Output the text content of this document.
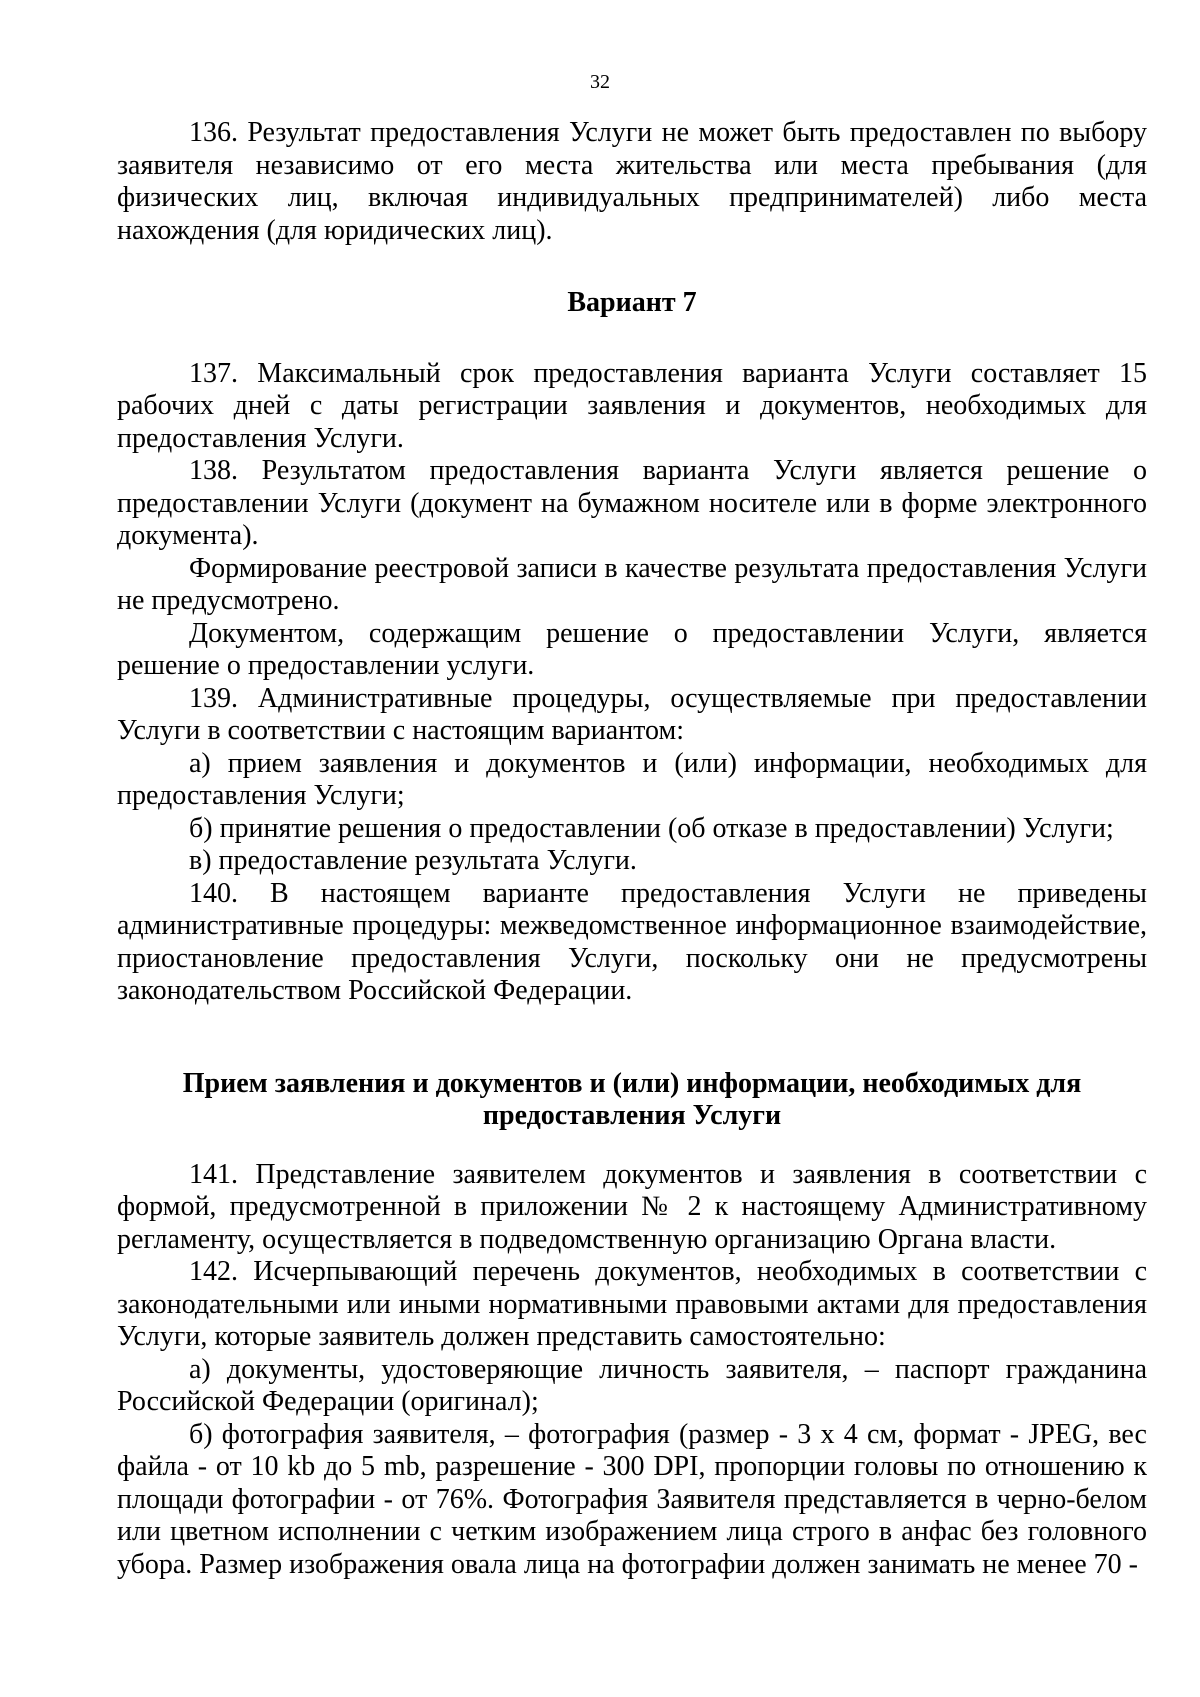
32

136. Результат предоставления Услуги не может быть предоставлен по выбору заявителя независимо от его места жительства или места пребывания (для физических лиц, включая индивидуальных предпринимателей) либо места нахождения (для юридических лиц).

Вариант 7

137. Максимальный срок предоставления варианта Услуги составляет 15 рабочих дней с даты регистрации заявления и документов, необходимых для предоставления Услуги.

138. Результатом предоставления варианта Услуги является решение о предоставлении Услуги (документ на бумажном носителе или в форме электронного документа).

Формирование реестровой записи в качестве результата предоставления Услуги не предусмотрено.

Документом, содержащим решение о предоставлении Услуги, является решение о предоставлении услуги.

139. Административные процедуры, осуществляемые при предоставлении Услуги в соответствии с настоящим вариантом:

а) прием заявления и документов и (или) информации, необходимых для предоставления Услуги;

б) принятие решения о предоставлении (об отказе в предоставлении) Услуги;

в) предоставление результата Услуги.

140. В настоящем варианте предоставления Услуги не приведены административные процедуры: межведомственное информационное взаимодействие, приостановление предоставления Услуги, поскольку они не предусмотрены законодательством Российской Федерации.

Прием заявления и документов и (или) информации, необходимых для предоставления Услуги

141. Представление заявителем документов и заявления в соответствии с формой, предусмотренной в приложении № 2 к настоящему Административному регламенту, осуществляется в подведомственную организацию Органа власти.

142. Исчерпывающий перечень документов, необходимых в соответствии с законодательными или иными нормативными правовыми актами для предоставления Услуги, которые заявитель должен представить самостоятельно:

а) документы, удостоверяющие личность заявителя, – паспорт гражданина Российской Федерации (оригинал);

б) фотография заявителя, – фотография (размер - 3 х 4 см, формат - JPEG, вес файла - от 10 kb до 5 mb, разрешение - 300 DPI, пропорции головы по отношению к площади фотографии - от 76%. Фотография Заявителя представляется в черно-белом или цветном исполнении с четким изображением лица строго в анфас без головного убора. Размер изображения овала лица на фотографии должен занимать не менее 70 -
